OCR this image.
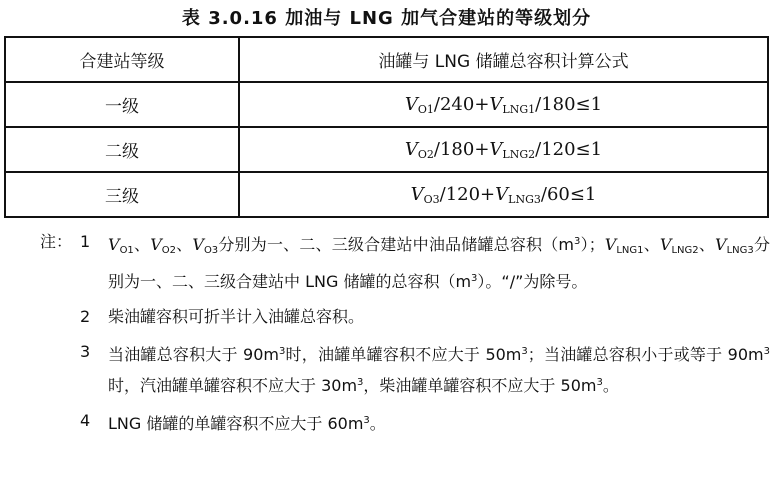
表 3.0.16 加油与 LNG 加气合建站的等级划分
合建站等级	油罐与 LNG 储罐总容积计算公式
一级	$V_{O1}/240+V_{LNG1}/180\le 1$
二级	$V_{O2}/180+V_{LNG2}/120\le 1$
三级	$V_{O3}/120+V_{LNG3}/60\le 1$
注： 1 $V_{O1}$、$V_{O2}$、$V_{O3}$分别为一、二、三级合建站中油品储罐总容积$(m^3)$；$V_{LNG1}$、$V_{LNG2}$、$V_{LNG3}$分别为一、二、三级合建站中 LNG 储罐的总容积$(m^3)$。“/”为除号。
2 柴油罐容积可折半计入油罐总容积。
3 当油罐总容积大于 $90m^3$时，油罐单罐容积不应大于 $50m^3$；当油罐总容积小于或等于 $90m^3$时，汽油罐单罐容积不应大于 $30m^3$，柴油罐单罐容积不应大于 $50m^3$。
4 LNG 储罐的单罐容积不应大于 $60m^3$。
